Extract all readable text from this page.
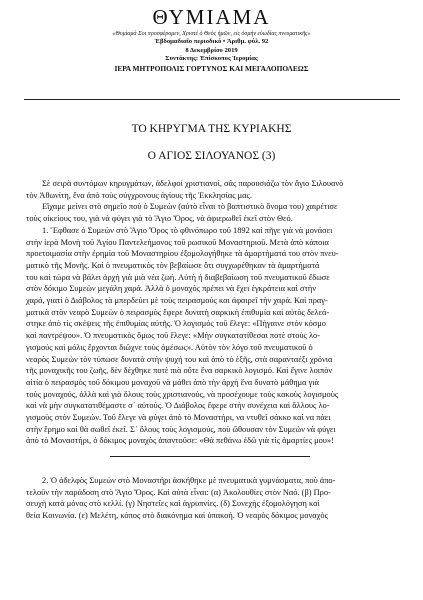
ΘΥΜΙΑΜΑ
«Θυμίαμά Σοι προσφέρομεν, Χριστὲ ὁ Θεὸς ἡμῶν, εἰς ὀσμὴν εὐωδίας πνευματικῆς»
Ἑβδομαδιαῖο περιοδικό • Ἀριθμ. φύλ. 92
8 Δεκεμβρίου 2019
Συντάκτης: Ἐπίσκοπος Ἱερομίας
ΙΕΡΑ ΜΗΤΡΟΠΟΛΙΣ ΓΟΡΤΥΝΟΣ ΚΑΙ ΜΕΓΑΛΟΠΟΛΕΩΣ
ΤΟ ΚΗΡΥΓΜΑ ΤΗΣ ΚΥΡΙΑΚΗΣ
Ο ΑΓΙΟΣ ΣΙΛΟΥΑΝΟΣ (3)
Σὲ σειρὰ συντόμων κηρυγμάτων, ἀδελφοί χριστιανοί, σᾶς παρουσιάζω τὸν ἅγιο Σιλουανὸ
τὸν Ἀθωνίτη, ἕνα ἀπὸ τοὺς σύγχρονους ἁγίους τῆς Ἐκκλησίας μας.
Εἴχαμε μείνει στὸ σημεῖο ποὺ ὁ Συμεὼν (αὐτὸ εἶναι τὸ βαπτιστικὸ ὄνομα του) χαιρέτισε
τοὺς οἰκείους του, γιὰ νὰ φύγει γιὰ τὸ Ἅγιο Ὄρος, νὰ ἀφιερωθεῖ ἐκεῖ στὸν Θεό.
1. Ἔφθασε ὁ Συμεὼν στὸ Ἅγιο Ὄρος τὸ φθινόπωρο τοῦ 1892 καὶ πῆγε γιὰ νὰ μονάσει
στὴν ἱερὰ Μονὴ τοῦ Ἁγίου Παντελεήμονος τοῦ ρωσικοῦ Μοναστηριοῦ. Μετὰ ἀπὸ κάποια
προετοιμασία στὴν ἐρημία τοῦ Μοναστηρίου ἐξομολογήθηκε τὰ ἁμαρτήματά του στὸν πνευ-
ματικὸ τῆς Μονῆς. Καὶ ὁ πνευματικὸς τὸν βεβαίωσε ὅτι συγχωρέθηκαν τὰ ἁμαρτήματά
του καὶ τώρα νὰ βάλει ἀρχὴ γιὰ μιὰ νέα ζωή. Αὐτὴ ἡ διαβεβαίωση τοῦ πνευματικοῦ ἔδωσε
στὸν δόκιμο Συμεὼν μεγάλη χαρά. Ἀλλὰ ὁ μοναχὸς πρέπει νὰ ἔχει ἐγκράτεια καὶ στὴν
χαρά, γιατὶ ὁ Διάβολος τὰ μπερδεύει μὲ τοὺς πειρασμούς και ἀφαιρεῖ τὴν χαρά. Καὶ πραγ-
ματικὰ στὸν νεαρὸ Συμεὼν ὁ πειρασμὸς ἔφερε δυνατὴ σαρκικὴ ἐπιθυμία καὶ αὐτὸς δελεά-
στηκε ἀπὸ τὶς σκέψεις τῆς ἐπιθυμίας αὐτῆς. Ὁ λογισμός τοῦ ἔλεγε: «Πήγαινε στὸν κόσμο
καὶ παντρέψου». Ὁ πνευματικὸς ὅμως τοῦ ἔλεγε: «Μὴν συγκατατίθεσαι ποτὲ στοὺς λο-
γισμούς καὶ μόλις ἔρχονται διῶχνε τοὺς ἀμέσως». Αὐτὸν τὸν λόγο τοῦ πνευματικοῦ ὁ
νεαρὸς Συμεὼν τὸν τύπωσε δυνατὰ στὴν ψυχή του καὶ ἀπὸ τὸ ἑξῆς, στὰ σαρανταέξι χρόνια
τῆς μοναχικῆς του ζωῆς, δὲν δέχθηκε ποτὲ πιὰ οὔτε ἕνα σαρκικὸ λογισμό. Καὶ ἔγινε λοιπὸν
αἰτία ὁ πειρασμὸς τοῦ δόκιμου μοναχοῦ νὰ μάθει ἀπὸ τὴν ἀρχὴ ἕνα δυνατὸ μάθημα γιὰ
τοὺς μοναχούς, ἀλλὰ καὶ γιὰ ὅλους τοὺς χριστιανούς, νὰ προσέχουμε τοὺς κακοὺς λογισμοὺς
καὶ νὰ μὴν συγκατατιθέμαστε σ᾽ αὐτούς. Ὁ Διάβολος ἔφερε στὴν συνέχεια καὶ ἄλλους λο-
γισμοὺς στὸν Συμεών. Τοῦ ἔλεγε νὰ φύγει ἀπὸ τὸ Μοναστήρι, να ντυθεῖ σάκκο καὶ να πάει
στὴν ἔρημο καὶ θὰ σωθεῖ ἐκεῖ. Σ᾽ ὅλους τοὺς λογισμούς, ποὺ ὤθουσαν τὸν Συμεὼν νὰ φύγει
ἀπὸ τὸ Μοναστήρι, ὁ δόκιμος μοναχὸς ἀπαντοῦσε: «Θὰ πεθάνω ἐδῶ γιὰ τὶς ἁμαρτίες μου»!
2. Ὁ ἀδελφὸς Συμεὼν στὸ Μοναστήρι ἀσκήθηκε μὲ πνευματικὰ γυμνάσματα, ποὺ ἀπο-
τελοῦν τὴν παράδοση στὸ Ἅγιο Ὄρος. Καὶ αὐτὰ εἶναι: (α) Ἀκολουθίες στὸν Ναό. (β) Προ-
σευχὴ κατὰ μόνας στὸ κελλί. (γ) Νηστεῖες καὶ ἀγρυπνίες. (δ) Συνεχὴς ἐξομολόγηση καὶ
θεία Κοινωνία. (ε) Μελέτη, κόπος στὸ διακόνημα καὶ ὑπακοή. Ὁ νεαρὸς δόκιμος μοναχὸς
